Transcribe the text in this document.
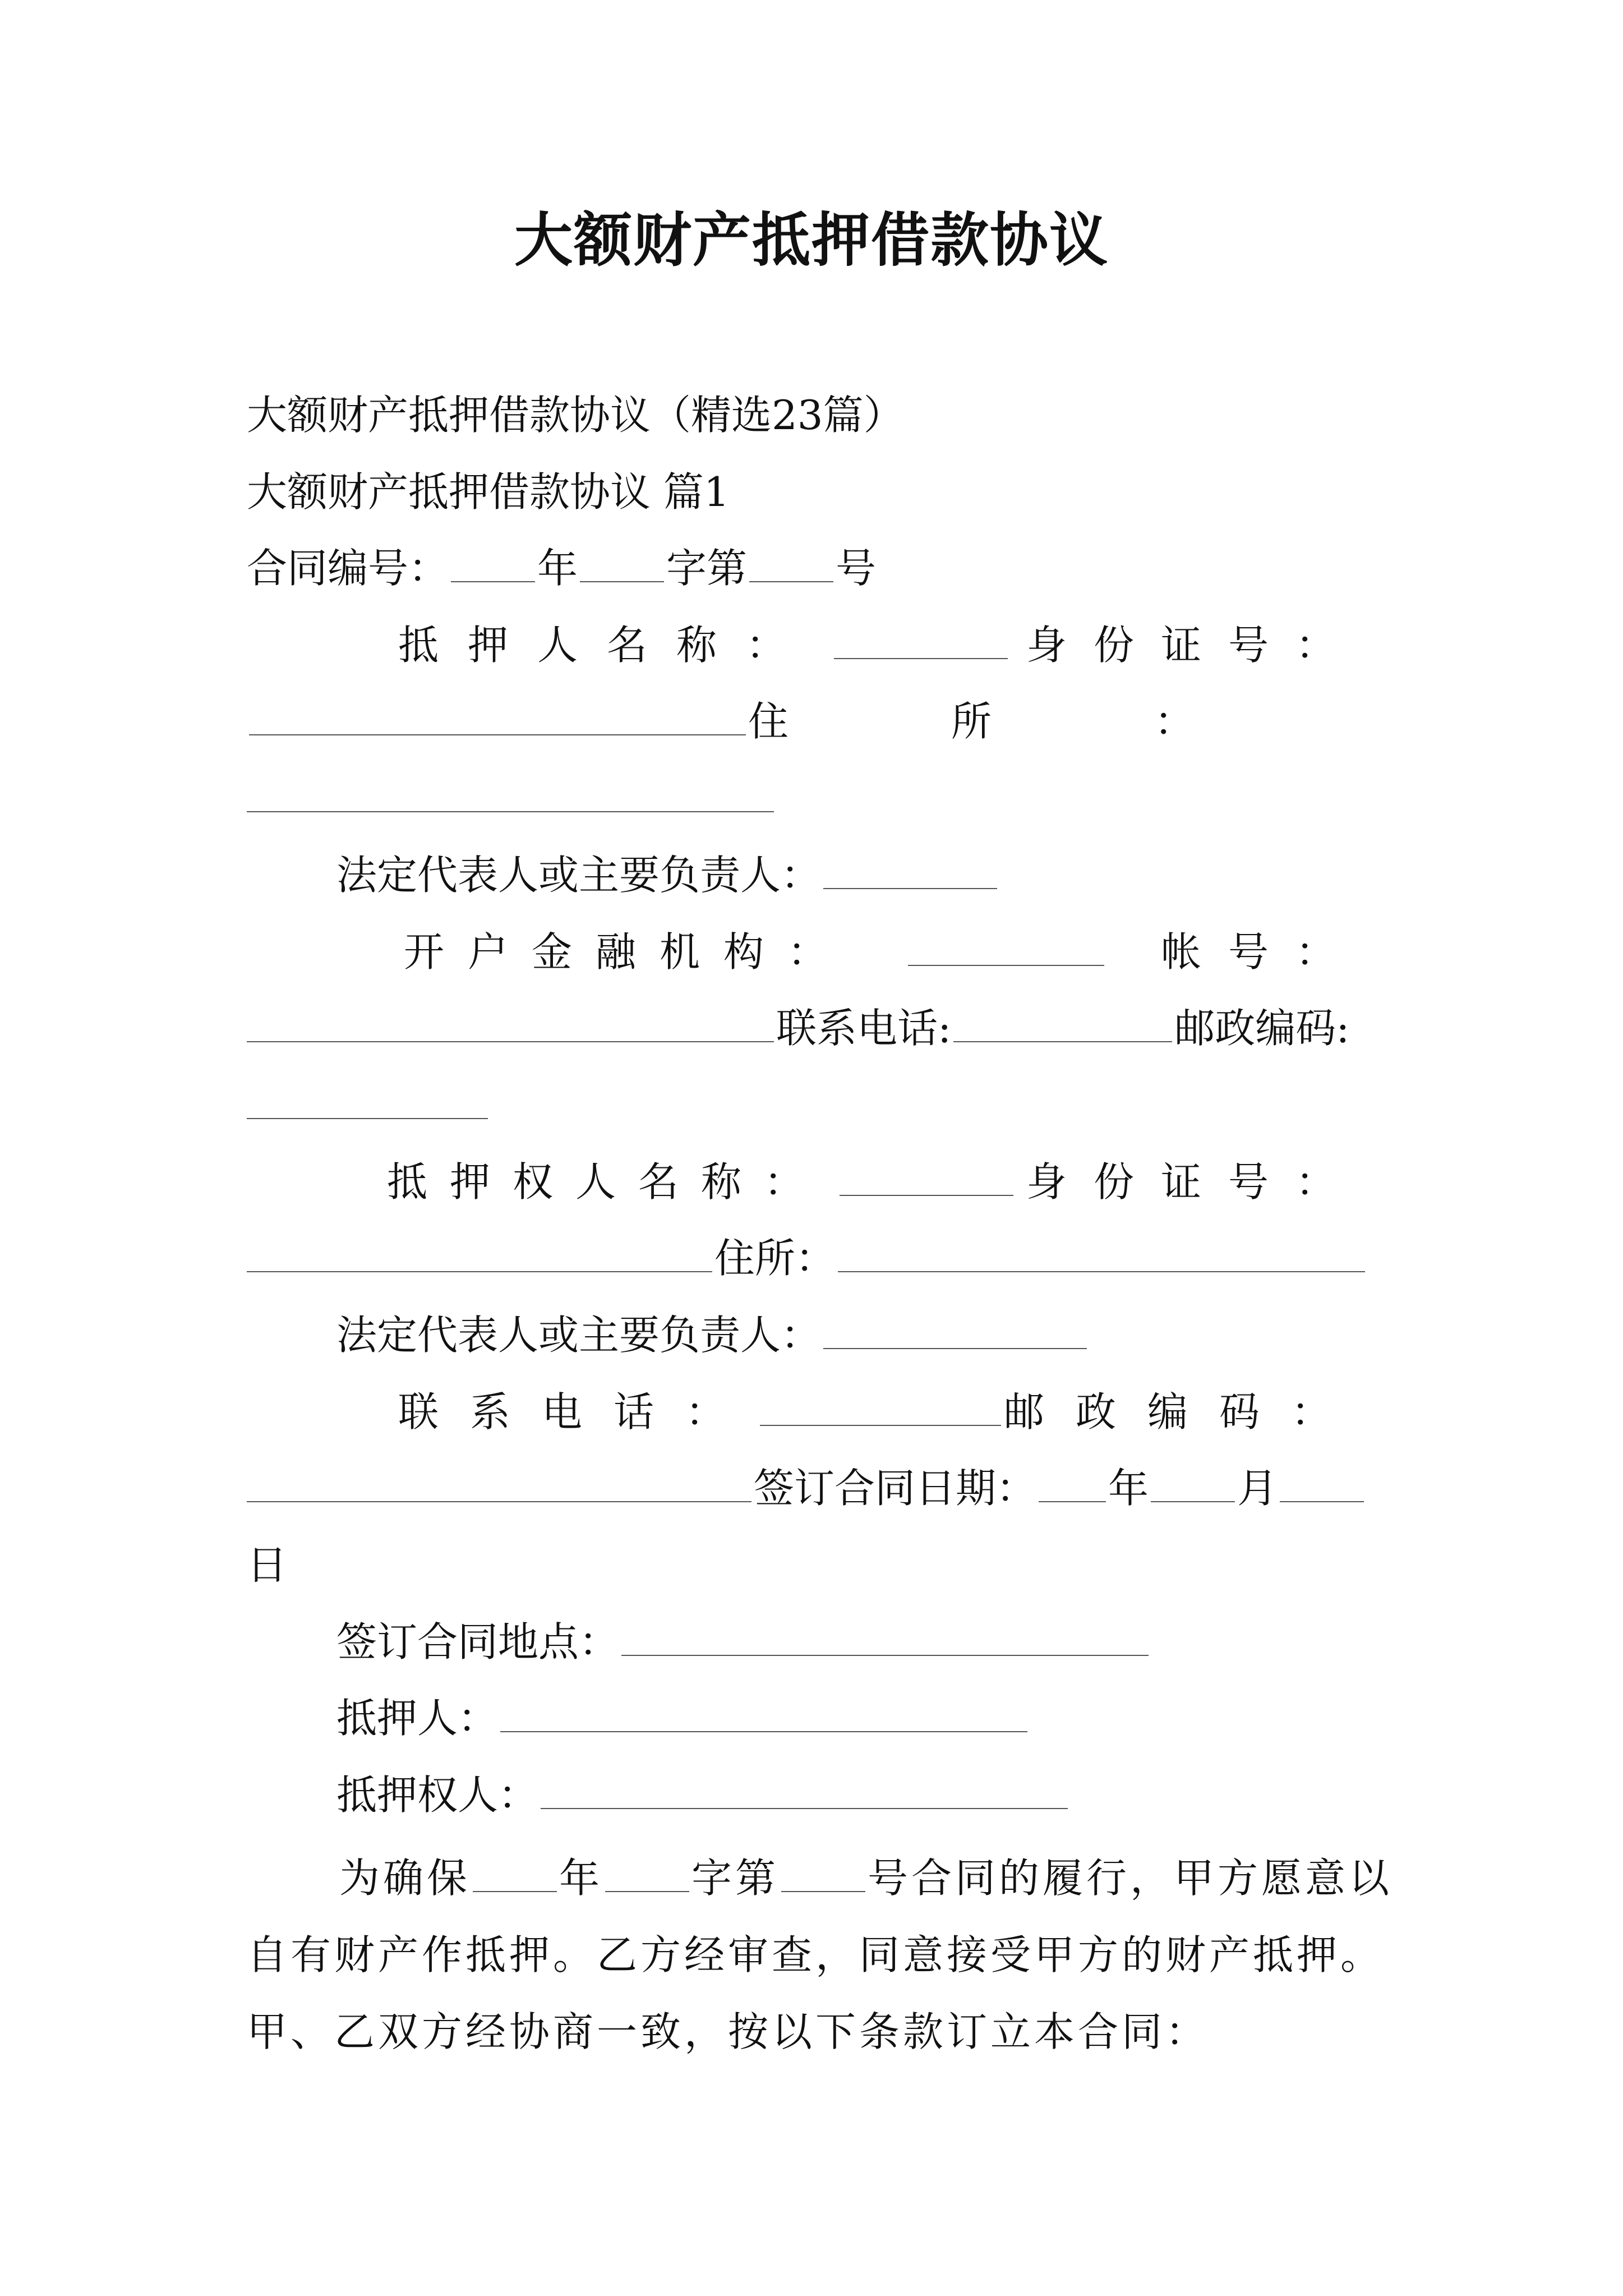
大额财产抵押借款协议
大额财产抵押借款协议（精选23篇）
大额财产抵押借款协议 篇1
合同编号： 年 字第 号
抵押人名称：	身份证号：
住所：
法定代表人或主要负责人：
开户金融机构：	帐号：
联系电话:	邮政编码:
抵押权人名称：	身份证号：
住所：
法定代表人或主要负责人：
联系电话：	邮政编码：
签订合同日期： 年 月
日
签订合同地点：
抵押人：
抵押权人：
为确保 年 字第 号合同的履行，甲方愿意以自有财产作抵押。乙方经审查，同意接受甲方的财产抵押。甲、乙双方经协商一致，按以下条款订立本合同：
